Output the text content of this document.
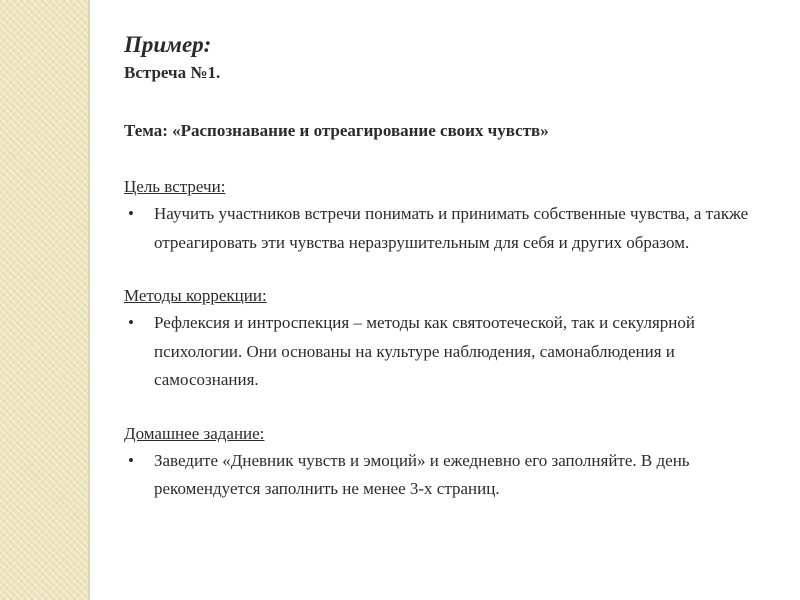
Пример:

Встреча №1.

Тема: «Распознавание и отреагирование своих чувств»

Цель встречи:

• Научить участников встречи понимать и принимать собственные чувства, а также отреагировать эти чувства неразрушительным для себя и других образом.

Методы коррекции:

• Рефлексия и интроспекция – методы как святоотеческой, так и секулярной психологии. Они основаны на культуре наблюдения, самонаблюдения и самосознания.

Домашнее задание:

• Заведите «Дневник чувств и эмоций» и ежедневно его заполняйте. В день рекомендуется заполнить не менее 3-х страниц.
